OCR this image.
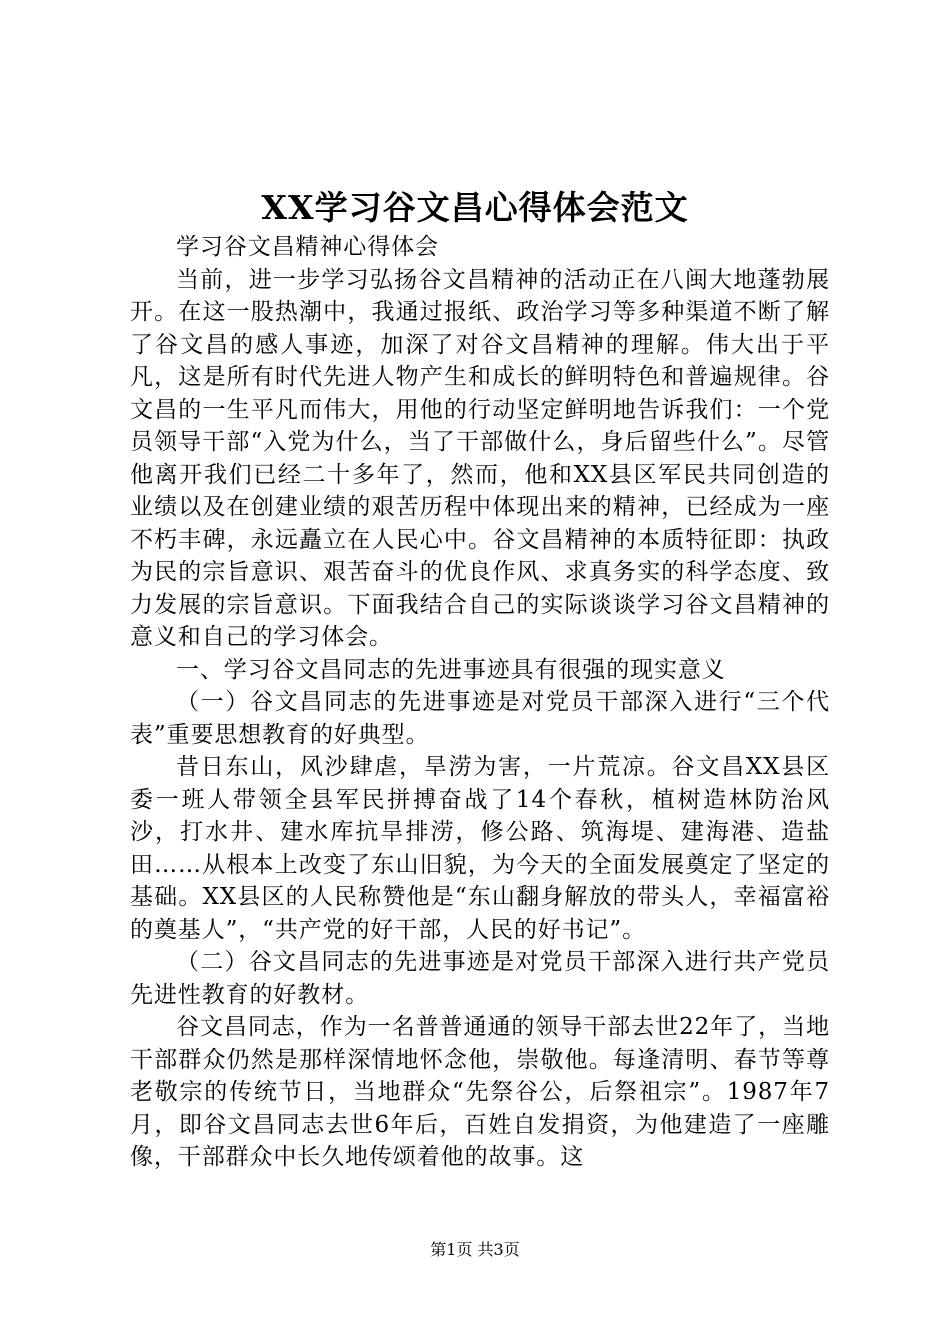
XX学习谷文昌心得体会范文

学习谷文昌精神心得体会

当前，进一步学习弘扬谷文昌精神的活动正在八闽大地蓬勃展开。在这一股热潮中，我通过报纸、政治学习等多种渠道不断了解了谷文昌的感人事迹，加深了对谷文昌精神的理解。伟大出于平凡，这是所有时代先进人物产生和成长的鲜明特色和普遍规律。谷文昌的一生平凡而伟大，用他的行动坚定鲜明地告诉我们：一个党员领导干部“入党为什么，当了干部做什么，身后留些什么”。尽管他离开我们已经二十多年了，然而，他和XX县区军民共同创造的业绩以及在创建业绩的艰苦历程中体现出来的精神，已经成为一座不朽丰碑，永远矗立在人民心中。谷文昌精神的本质特征即：执政为民的宗旨意识、艰苦奋斗的优良作风、求真务实的科学态度、致力发展的宗旨意识。下面我结合自己的实际谈谈学习谷文昌精神的意义和自己的学习体会。

一、学习谷文昌同志的先进事迹具有很强的现实意义

（一）谷文昌同志的先进事迹是对党员干部深入进行“三个代表”重要思想教育的好典型。

昔日东山，风沙肆虐，旱涝为害，一片荒凉。谷文昌XX县区委一班人带领全县军民拼搏奋战了14个春秋，植树造林防治风沙，打水井、建水库抗旱排涝，修公路、筑海堤、建海港、造盐田……从根本上改变了东山旧貌，为今天的全面发展奠定了坚定的基础。XX县区的人民称赞他是“东山翻身解放的带头人，幸福富裕的奠基人”，“共产党的好干部，人民的好书记”。

（二）谷文昌同志的先进事迹是对党员干部深入进行共产党员先进性教育的好教材。

谷文昌同志，作为一名普普通通的领导干部去世22年了，当地干部群众仍然是那样深情地怀念他，崇敬他。每逢清明、春节等尊老敬宗的传统节日，当地群众“先祭谷公，后祭祖宗”。1987年7月，即谷文昌同志去世6年后，百姓自发捐资，为他建造了一座雕像，干部群众中长久地传颂着他的故事。这

第1页 共3页
